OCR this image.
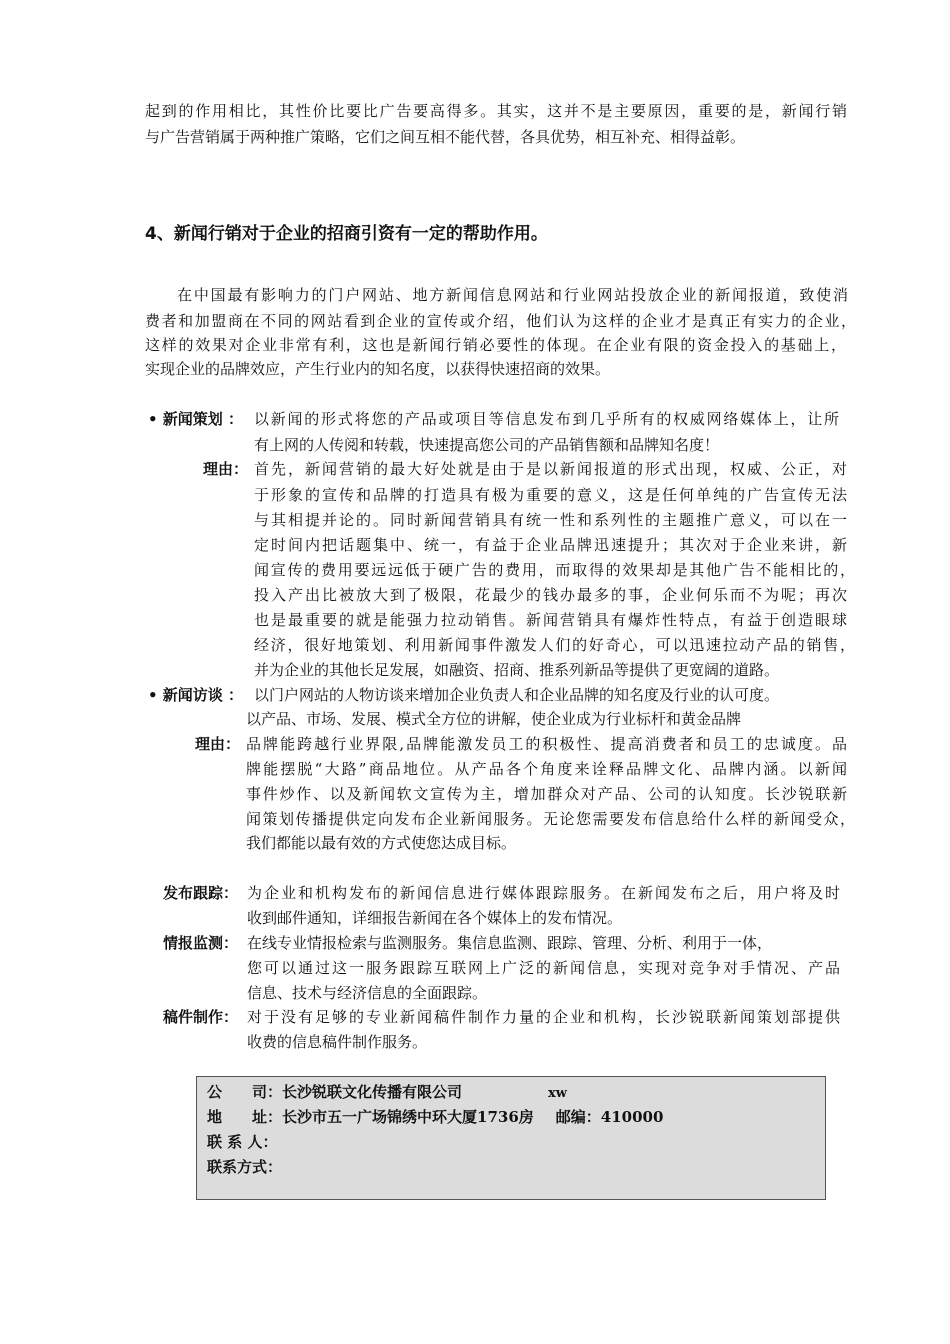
起到的作用相比，其性价比要比广告要高得多。其实，这并不是主要原因，重要的是，新闻行销
与广告营销属于两种推广策略，它们之间互相不能代替，各具优势，相互补充、相得益彰。
4、新闻行销对于企业的招商引资有一定的帮助作用。
在中国最有影响力的门户网站、地方新闻信息网站和行业网站投放企业的新闻报道，致使消
费者和加盟商在不同的网站看到企业的宣传或介绍，他们认为这样的企业才是真正有实力的企业，
这样的效果对企业非常有利，这也是新闻行销必要性的体现。在企业有限的资金投入的基础上，
实现企业的品牌效应，产生行业内的知名度，以获得快速招商的效果。
• 新闻策划 ： 以新闻的形式将您的产品或项目等信息发布到几乎所有的权威网络媒体上，让所
有上网的人传阅和转载，快速提高您公司的产品销售额和品牌知名度！
理由： 首先，新闻营销的最大好处就是由于是以新闻报道的形式出现，权威、公正，对
于形象的宣传和品牌的打造具有极为重要的意义，这是任何单纯的广告宣传无法
与其相提并论的。同时新闻营销具有统一性和系列性的主题推广意义，可以在一
定时间内把话题集中、统一，有益于企业品牌迅速提升；其次对于企业来讲，新
闻宣传的费用要远远低于硬广告的费用，而取得的效果却是其他广告不能相比的，
投入产出比被放大到了极限，花最少的钱办最多的事，企业何乐而不为呢；再次
也是最重要的就是能强力拉动销售。新闻营销具有爆炸性特点，有益于创造眼球
经济，很好地策划、利用新闻事件激发人们的好奇心，可以迅速拉动产品的销售，
并为企业的其他长足发展，如融资、招商、推系列新品等提供了更宽阔的道路。
• 新闻访谈 ： 以门户网站的人物访谈来增加企业负责人和企业品牌的知名度及行业的认可度。
以产品、市场、发展、模式全方位的讲解，使企业成为行业标杆和黄金品牌
理由： 品牌能跨越行业界限,品牌能激发员工的积极性、提高消费者和员工的忠诚度。品
牌能摆脱“大路”商品地位。从产品各个角度来诠释品牌文化、品牌内涵。以新闻
事件炒作、以及新闻软文宣传为主，增加群众对产品、公司的认知度。长沙锐联新
闻策划传播提供定向发布企业新闻服务。无论您需要发布信息给什么样的新闻受众，
我们都能以最有效的方式使您达成目标。
发布跟踪： 为企业和机构发布的新闻信息进行媒体跟踪服务。在新闻发布之后，用户将及时
收到邮件通知，详细报告新闻在各个媒体上的发布情况。
情报监测： 在线专业情报检索与监测服务。集信息监测、跟踪、管理、分析、利用于一体，
您可以通过这一服务跟踪互联网上广泛的新闻信息，实现对竞争对手情况、产品
信息、技术与经济信息的全面跟踪。
稿件制作： 对于没有足够的专业新闻稿件制作力量的企业和机构，长沙锐联新闻策划部提供
收费的信息稿件制作服务。
公　　司：长沙锐联文化传播有限公司	xw
地　　址：长沙市五一广场锦绣中环大厦1736房 邮编：410000
联 系 人：
联系方式：
